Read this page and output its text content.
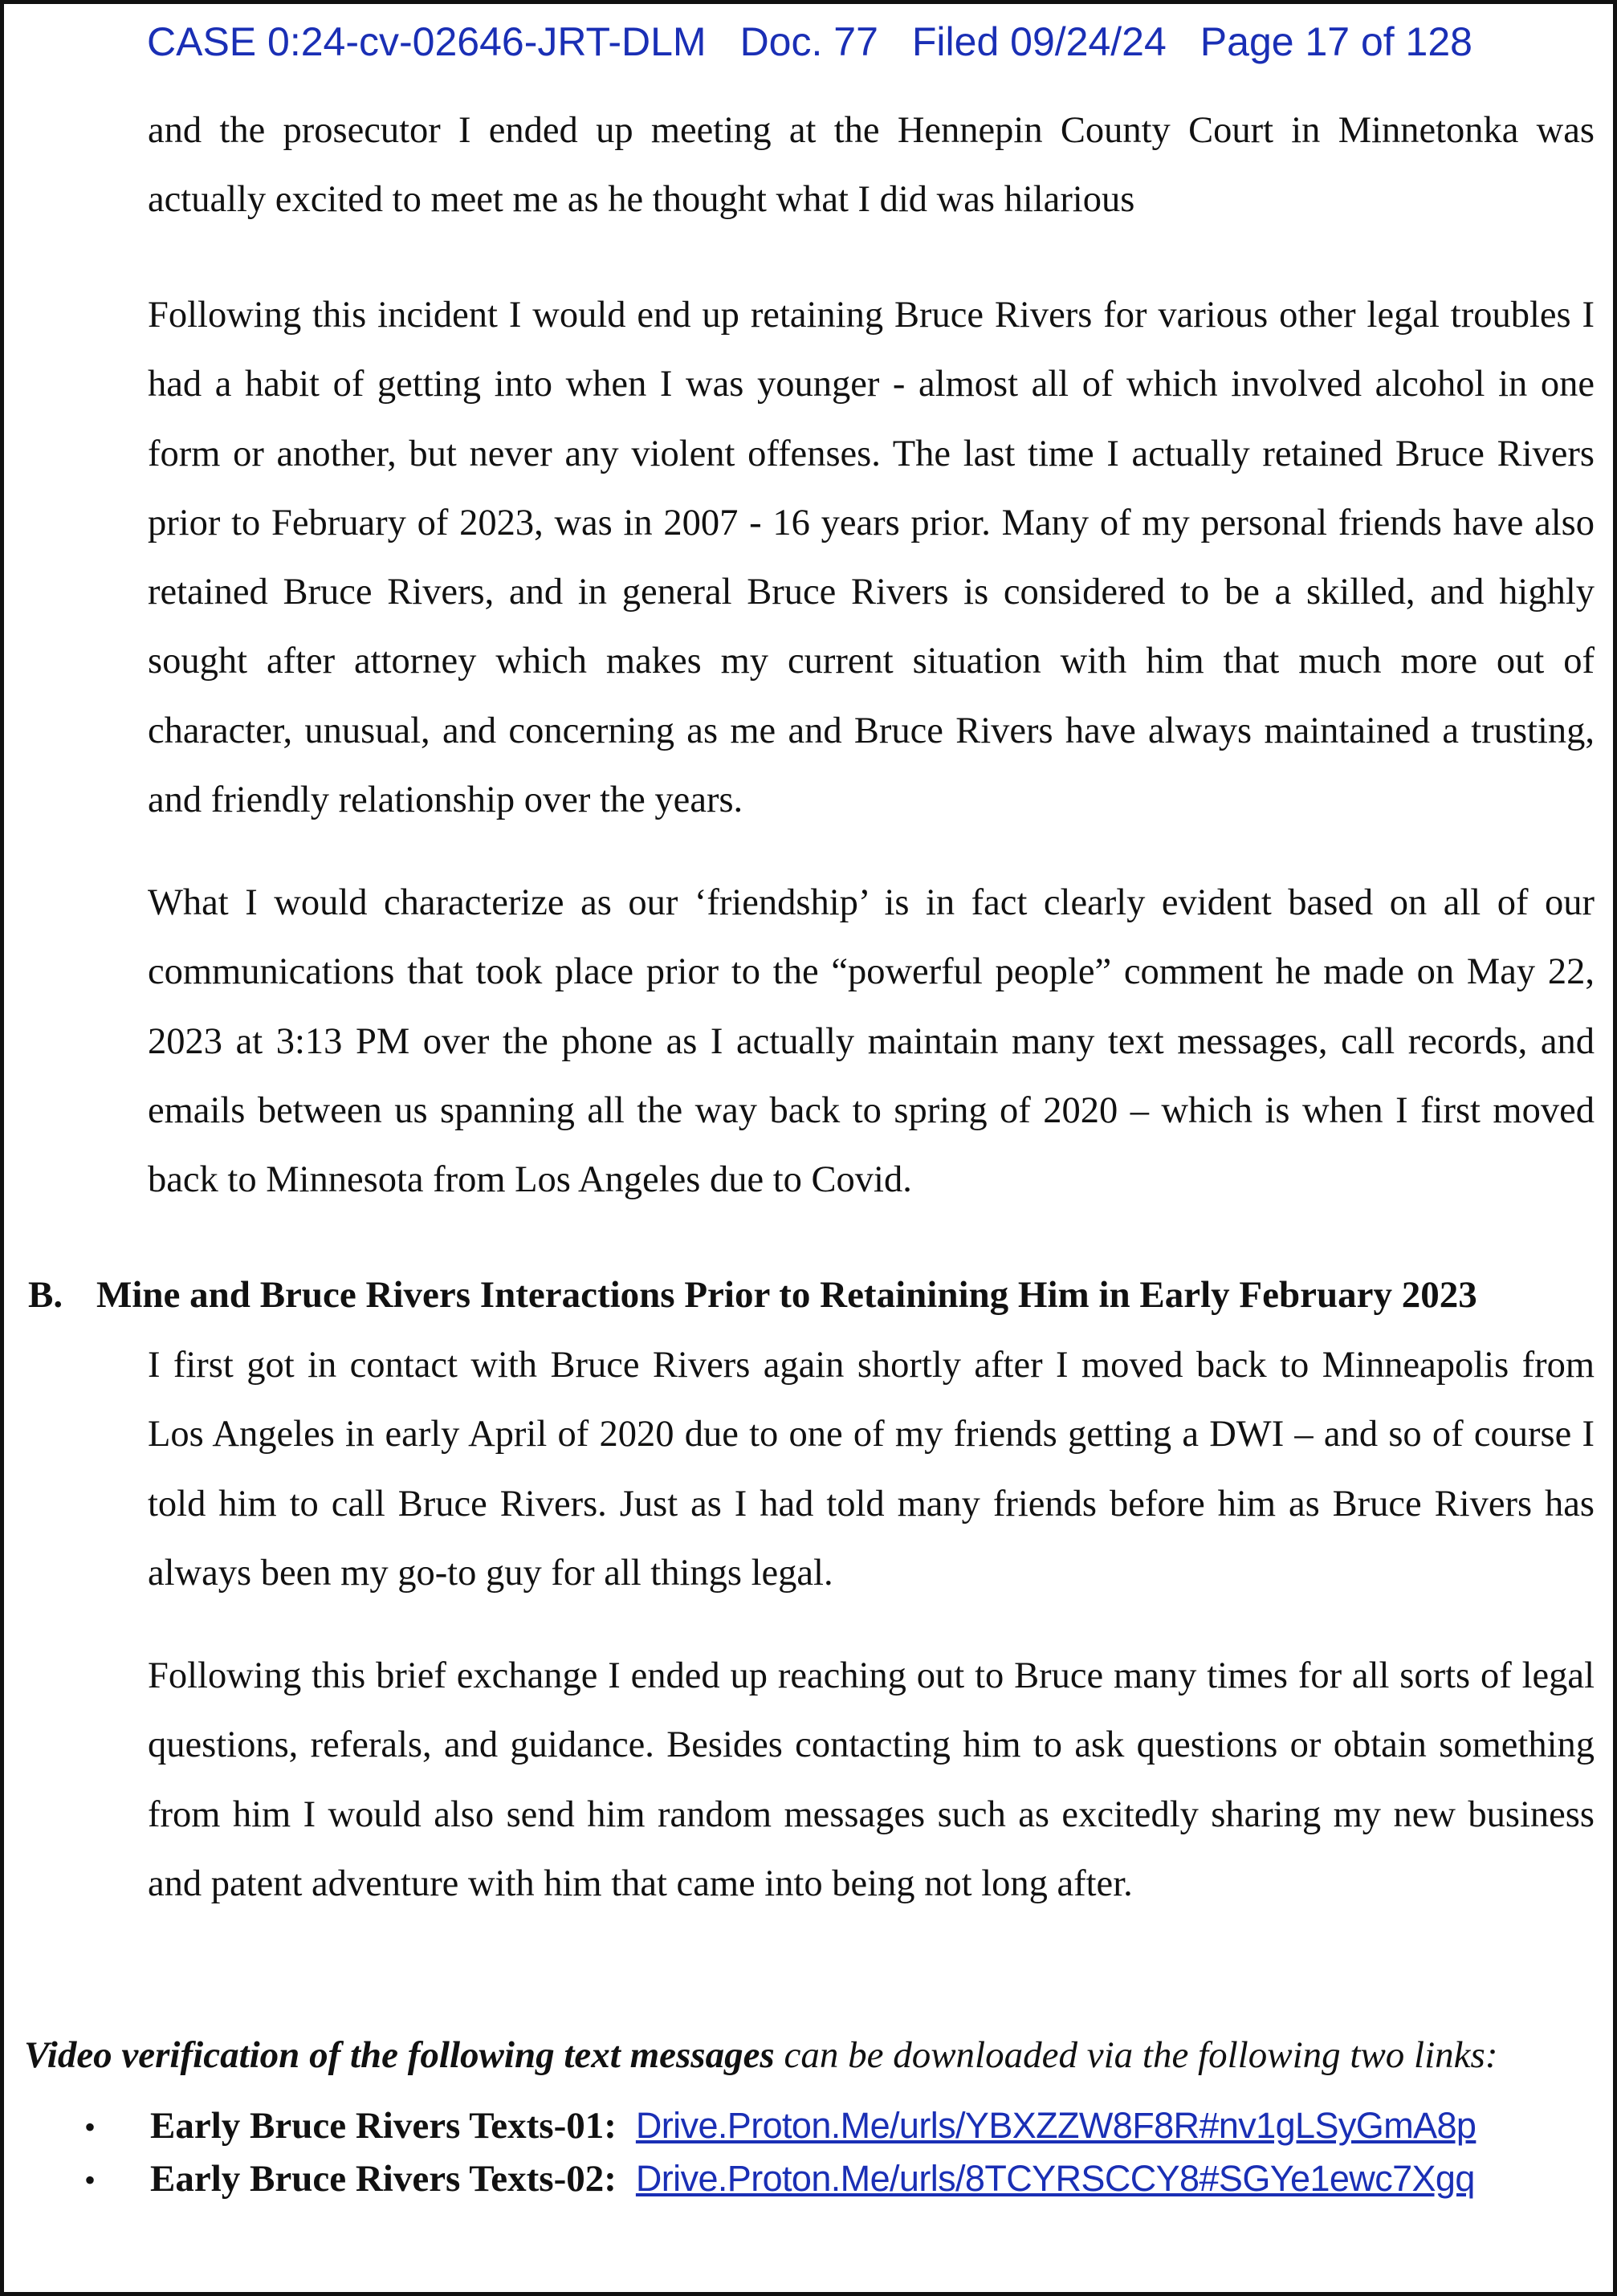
CASE 0:24-cv-02646-JRT-DLM Doc. 77 Filed 09/24/24 Page 17 of 128

and the prosecutor I ended up meeting at the Hennepin County Court in Minnetonka was actually excited to meet me as he thought what I did was hilarious

Following this incident I would end up retaining Bruce Rivers for various other legal troubles I had a habit of getting into when I was younger - almost all of which involved alcohol in one form or another, but never any violent offenses. The last time I actually retained Bruce Rivers prior to February of 2023, was in 2007 - 16 years prior. Many of my personal friends have also retained Bruce Rivers, and in general Bruce Rivers is considered to be a skilled, and highly sought after attorney which makes my current situation with him that much more out of character, unusual, and concerning as me and Bruce Rivers have always maintained a trusting, and friendly relationship over the years.

What I would characterize as our ‘friendship’ is in fact clearly evident based on all of our communications that took place prior to the “powerful people” comment he made on May 22, 2023 at 3:13 PM over the phone as I actually maintain many text messages, call records, and emails between us spanning all the way back to spring of 2020 – which is when I first moved back to Minnesota from Los Angeles due to Covid.

B. Mine and Bruce Rivers Interactions Prior to Retainining Him in Early February 2023

I first got in contact with Bruce Rivers again shortly after I moved back to Minneapolis from Los Angeles in early April of 2020 due to one of my friends getting a DWI – and so of course I told him to call Bruce Rivers. Just as I had told many friends before him as Bruce Rivers has always been my go-to guy for all things legal.

Following this brief exchange I ended up reaching out to Bruce many times for all sorts of legal questions, referals, and guidance. Besides contacting him to ask questions or obtain something from him I would also send him random messages such as excitedly sharing my new business and patent adventure with him that came into being not long after.

Video verification of the following text messages can be downloaded via the following two links:
• Early Bruce Rivers Texts-01: Drive.Proton.Me/urls/YBXZZW8F8R#nv1gLSyGmA8p
• Early Bruce Rivers Texts-02: Drive.Proton.Me/urls/8TCYRSCCY8#SGYe1ewc7Xgq
